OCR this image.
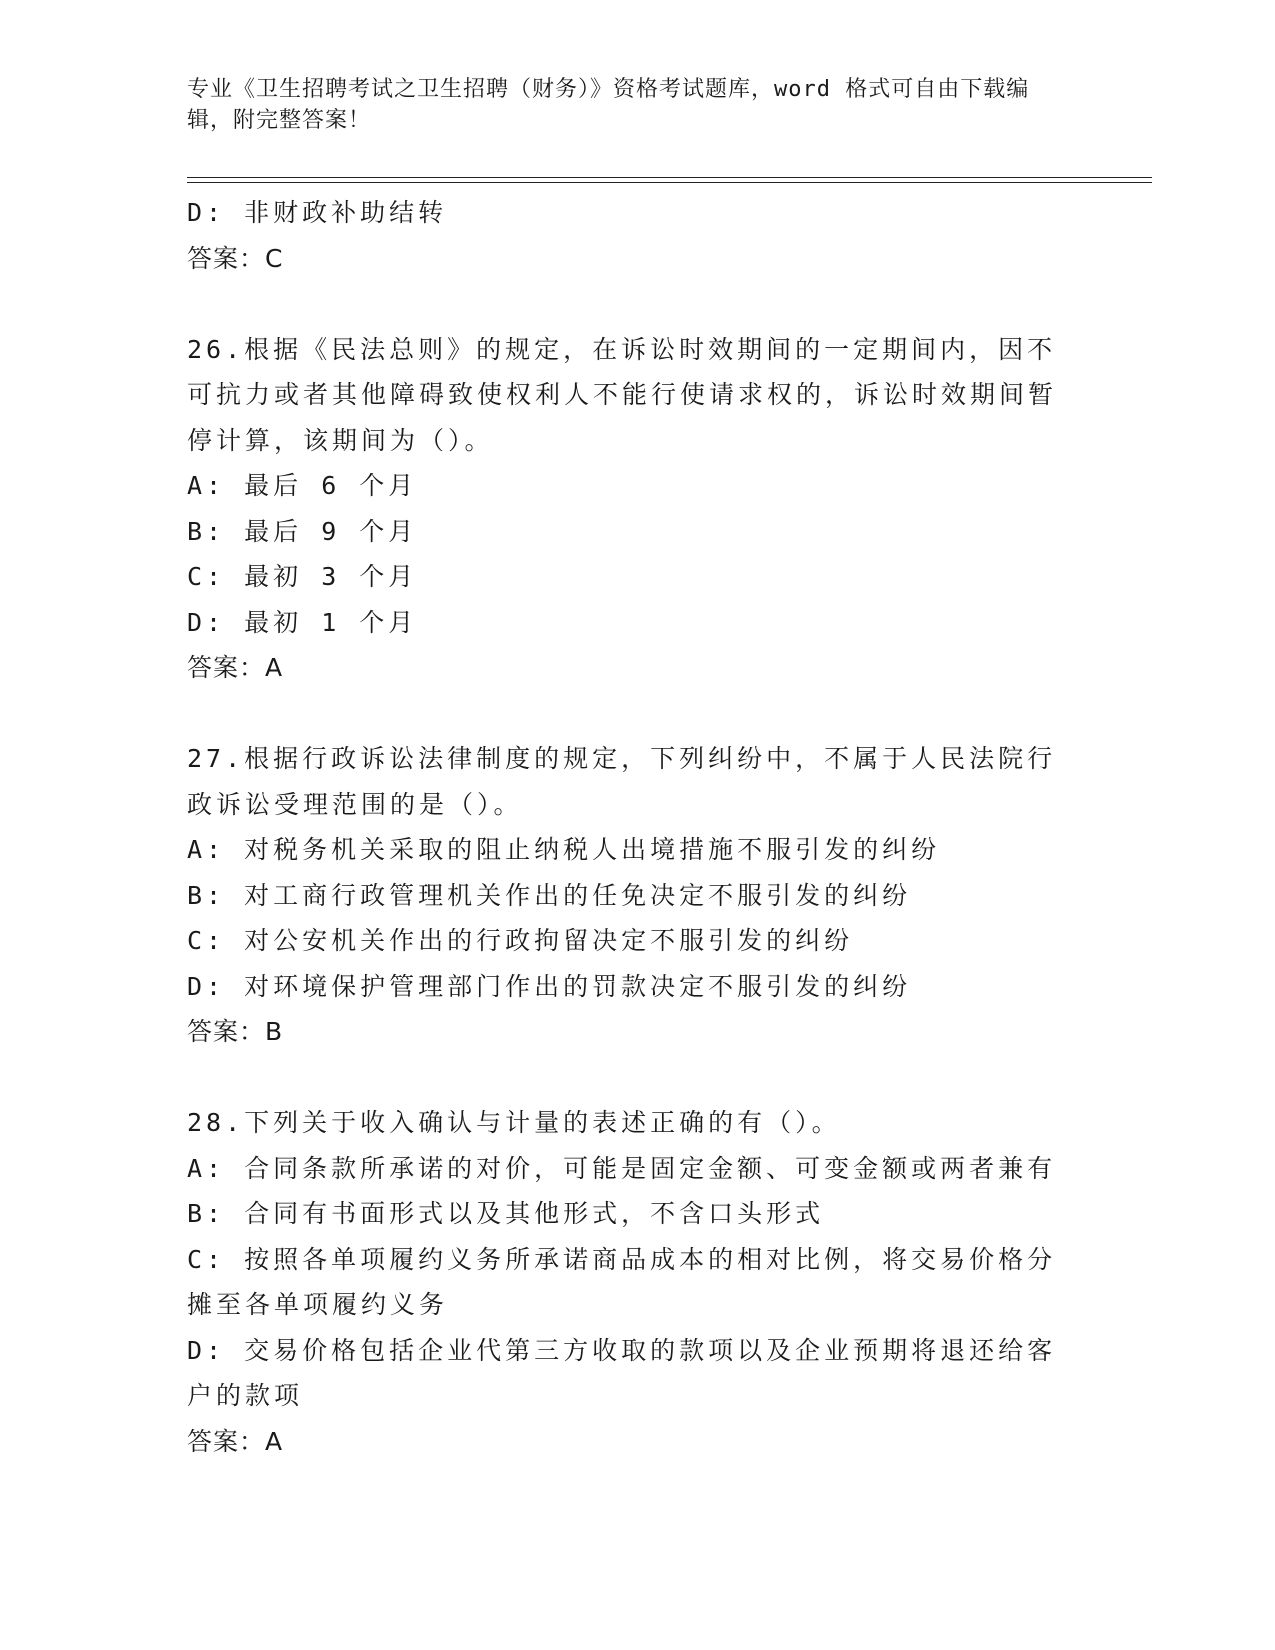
专业《卫生招聘考试之卫生招聘（财务）》资格考试题库，word 格式可自由下载编辑，附完整答案！
D: 非财政补助结转
答案：C
26.根据《民法总则》的规定，在诉讼时效期间的一定期间内，因不可抗力或者其他障碍致使权利人不能行使请求权的，诉讼时效期间暂停计算，该期间为（）。
A: 最后 6 个月
B: 最后 9 个月
C: 最初 3 个月
D: 最初 1 个月
答案：A
27.根据行政诉讼法律制度的规定，下列纠纷中，不属于人民法院行政诉讼受理范围的是（）。
A: 对税务机关采取的阻止纳税人出境措施不服引发的纠纷
B: 对工商行政管理机关作出的任免决定不服引发的纠纷
C: 对公安机关作出的行政拘留决定不服引发的纠纷
D: 对环境保护管理部门作出的罚款决定不服引发的纠纷
答案：B
28.下列关于收入确认与计量的表述正确的有（）。
A: 合同条款所承诺的对价，可能是固定金额、可变金额或两者兼有
B: 合同有书面形式以及其他形式，不含口头形式
C: 按照各单项履约义务所承诺商品成本的相对比例，将交易价格分摊至各单项履约义务
D: 交易价格包括企业代第三方收取的款项以及企业预期将退还给客户的款项
答案：A
